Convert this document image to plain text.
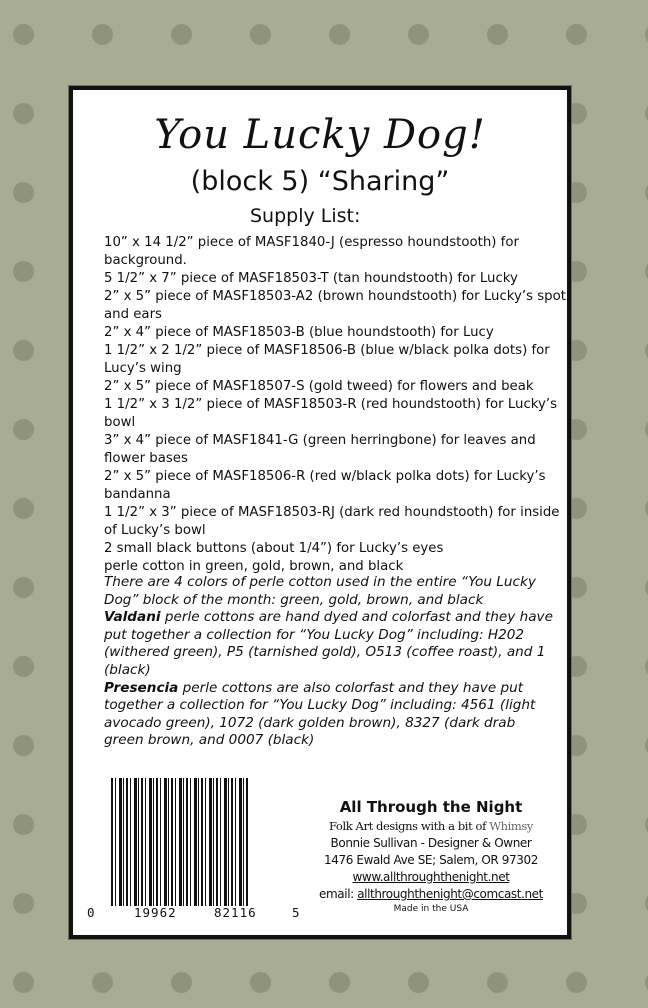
You Lucky Dog!
(block 5) “Sharing”
Supply List:

10” x 14 1/2” piece of MASF1840-J (espresso houndstooth) for background.

5 1/2” x 7” piece of MASF18503-T (tan houndstooth) for Lucky

2” x 5” piece of MASF18503-A2 (brown houndstooth) for Lucky’s spot and ears

2” x 4” piece of MASF18503-B (blue houndstooth) for Lucy

1 1/2” x 2 1/2” piece of MASF18506-B (blue w/black polka dots) for Lucy’s wing

2” x 5” piece of MASF18507-S (gold tweed) for flowers and beak

1 1/2” x 3 1/2” piece of MASF18503-R (red houndstooth) for Lucky’s bowl

3” x 4” piece of MASF1841-G (green herringbone) for leaves and flower bases

2” x 5” piece of MASF18506-R (red w/black polka dots) for Lucky’s bandanna

1 1/2” x 3” piece of MASF18503-RJ (dark red houndstooth) for inside of Lucky’s bowl

2 small black buttons (about 1/4”) for Lucky’s eyes

perle cotton in green, gold, brown, and black

There are 4 colors of perle cotton used in the entire “You Lucky Dog” block of the month: green, gold, brown, and black

Valdani perle cottons are hand dyed and colorfast and they have put together a collection for “You Lucky Dog” including: H202 (withered green), P5 (tarnished gold), O513 (coffee roast), and 1 (black)

Presencia perle cottons are also colorfast and they have put together a collection for “You Lucky Dog” including: 4561 (light avocado green), 1072 (dark golden brown), 8327 (dark drab green brown, and 0007 (black)

0	19962	82116	5
All Through the Night
Folk Art designs with a bit of Whimsy
Bonnie Sullivan - Designer & Owner
1476 Ewald Ave SE; Salem, OR 97302
www.allthroughthenight.net
email: allthroughthenight@comcast.net
Made in the USA
